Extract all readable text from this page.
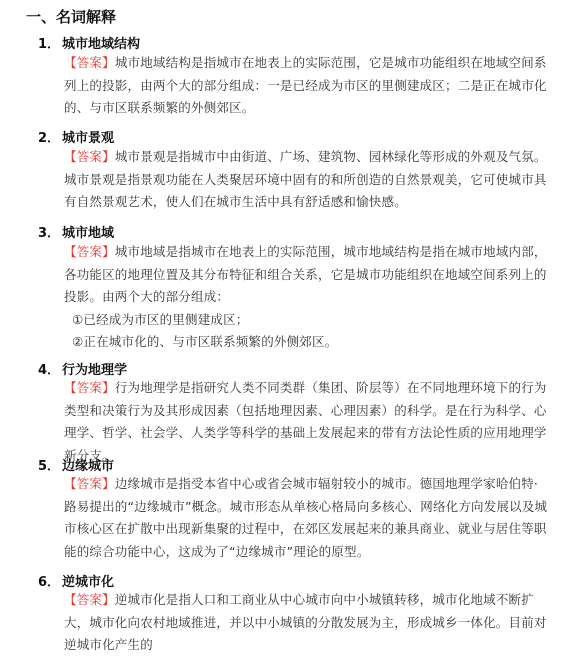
一、名词解释
1． 城市地域结构
【答案】城市地域结构是指城市在地表上的实际范围，它是城市功能组织在地域空间系列上的投影，由两个大的部分组成：一是已经成为市区的里侧建成区；二是正在城市化的、与市区联系频繁的外侧郊区。
2． 城市景观
【答案】城市景观是指城市中由街道、广场、建筑物、园林绿化等形成的外观及气氛。城市景观是指景观功能在人类聚居环境中固有的和所创造的自然景观美，它可使城市具有自然景观艺术，使人们在城市生活中具有舒适感和愉快感。
3． 城市地域
【答案】城市地域是指城市在地表上的实际范围，城市地域结构是指在城市地域内部，各功能区的地理位置及其分布特征和组合关系，它是城市功能组织在地域空间系列上的投影。由两个大的部分组成：
①已经成为市区的里侧建成区；
②正在城市化的、与市区联系频繁的外侧郊区。
4． 行为地理学
【答案】行为地理学是指研究人类不同类群（集团、阶层等）在不同地理环境下的行为类型和决策行为及其形成因素（包括地理因素、心理因素）的科学。是在行为科学、心理学、哲学、社会学、人类学等科学的基础上发展起来的带有方法论性质的应用地理学新分支。
5． 边缘城市
【答案】边缘城市是指受本省中心或省会城市辐射较小的城市。德国地理学家哈伯特·路易提出的“边缘城市”概念。城市形态从单核心格局向多核心、网络化方向发展以及城市核心区在扩散中出现新集聚的过程中，在郊区发展起来的兼具商业、就业与居住等职能的综合功能中心，这成为了“边缘城市”理论的原型。
6． 逆城市化
【答案】逆城市化是指人口和工商业从中心城市向中小城镇转移，城市化地域不断扩大，城市化向农村地域推进，并以中小城镇的分散发展为主，形成城乡一体化。目前对逆城市化产生的
